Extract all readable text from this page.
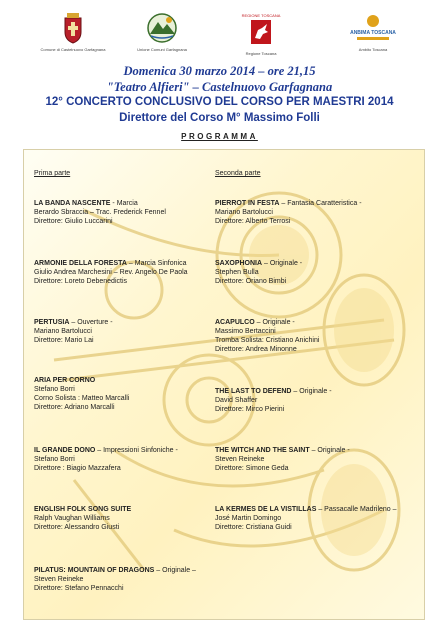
Comune di Castelnuovo Garfagnana	Unione Comuni Garfagnana
REGIONE TOSCANA
Regione Toscana
ANBIMA TOSCANA
Ambito Toscana
Domenica 30 marzo 2014 – ore 21,15
"Teatro Alfieri" – Castelnuovo Garfagnana
12° CONCERTO CONCLUSIVO DEL CORSO PER MAESTRI 2014
Direttore del Corso M° Massimo Folli
PROGRAMMA
Prima parte	Seconda parte
LA BANDA NASCENTE - Marcia
Berardo Sbraccia – Trac. Frederick Fennel
Direttore: Giulio Luccarini
ARMONIE DELLA FORESTA – Marcia Sinfonica
Giulio Andrea Marchesini – Rev. Angelo De Paola
Direttore: Loreto Debenedictis
PERTUSIA – Ouverture -
Mariano Bartolucci
Direttore: Mario Lai
ARIA PER CORNO
Stefano Borri
Corno Solista : Matteo Marcalli
Direttore: Adriano Marcalli
IL GRANDE DONO – Impressioni Sinfoniche -
Stefano Borri
Direttore : Biagio Mazzafera
ENGLISH FOLK SONG SUITE
Ralph Vaughan Williams
Direttore: Alessandro Giusti
PILATUS: MOUNTAIN OF DRAGONS – Originale –
Steven Reineke
Direttore: Stefano Pennacchi
PIERROT IN FESTA – Fantasia Caratteristica -
Mariano Bartolucci
Direttore: Alberto Terrosi
SAXOPHONIA – Originale -
Stephen Bulla
Direttore: Oriano Bimbi
ACAPULCO – Originale -
Massimo Bertaccini
Tromba Solista: Cristiano Anichini
Direttore: Andrea Minonne
THE LAST TO DEFEND – Originale -
David Shaffer
Direttore: Mirco Pierini
THE WITCH AND THE SAINT – Originale -
Steven Reineke
Direttore: Simone Geda
LA KERMES DE LA VISTILLAS – Passacalle Madrileno –
José Martin Domingo
Direttore: Cristiana Guidi
